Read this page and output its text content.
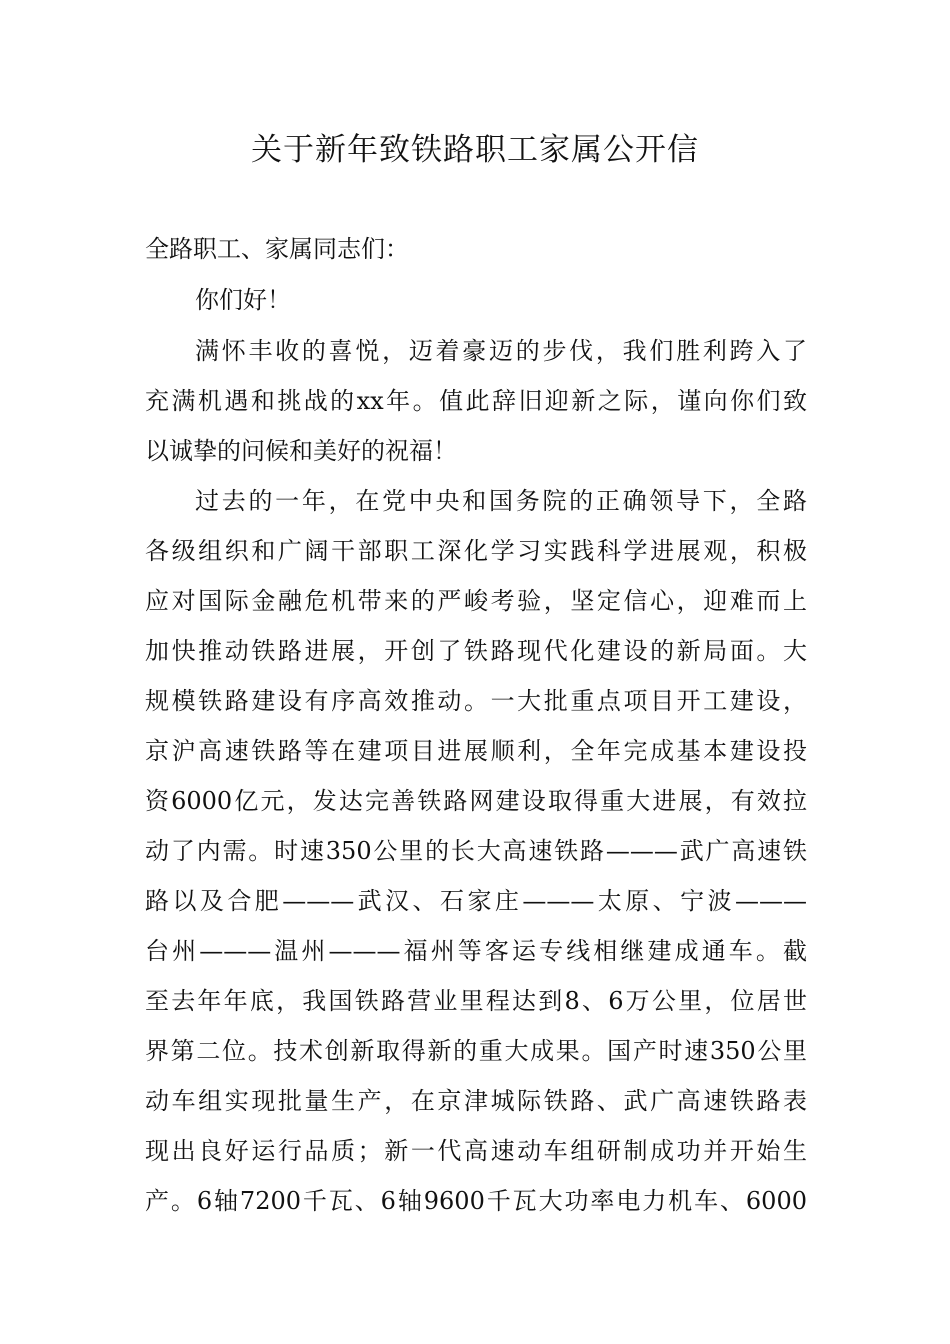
关于新年致铁路职工家属公开信

全路职工、家属同志们：

你们好！

满怀丰收的喜悦，迈着豪迈的步伐，我们胜利跨入了

充满机遇和挑战的xx年。值此辞旧迎新之际，谨向你们致

以诚挚的问候和美好的祝福！

过去的一年，在党中央和国务院的正确领导下，全路

各级组织和广阔干部职工深化学习实践科学进展观，积极

应对国际金融危机带来的严峻考验，坚定信心，迎难而上

加快推动铁路进展，开创了铁路现代化建设的新局面。大

规模铁路建设有序高效推动。一大批重点项目开工建设，

京沪高速铁路等在建项目进展顺利，全年完成基本建设投

资6000亿元，发达完善铁路网建设取得重大进展，有效拉

动了内需。时速350公里的长大高速铁路———武广高速铁

路以及合肥———武汉、石家庄———太原、宁波———

台州———温州———福州等客运专线相继建成通车。截

至去年年底，我国铁路营业里程达到8、6万公里，位居世

界第二位。技术创新取得新的重大成果。国产时速350公里

动车组实现批量生产，在京津城际铁路、武广高速铁路表

现出良好运行品质；新一代高速动车组研制成功并开始生

产。6轴7200千瓦、6轴9600千瓦大功率电力机车、6000
